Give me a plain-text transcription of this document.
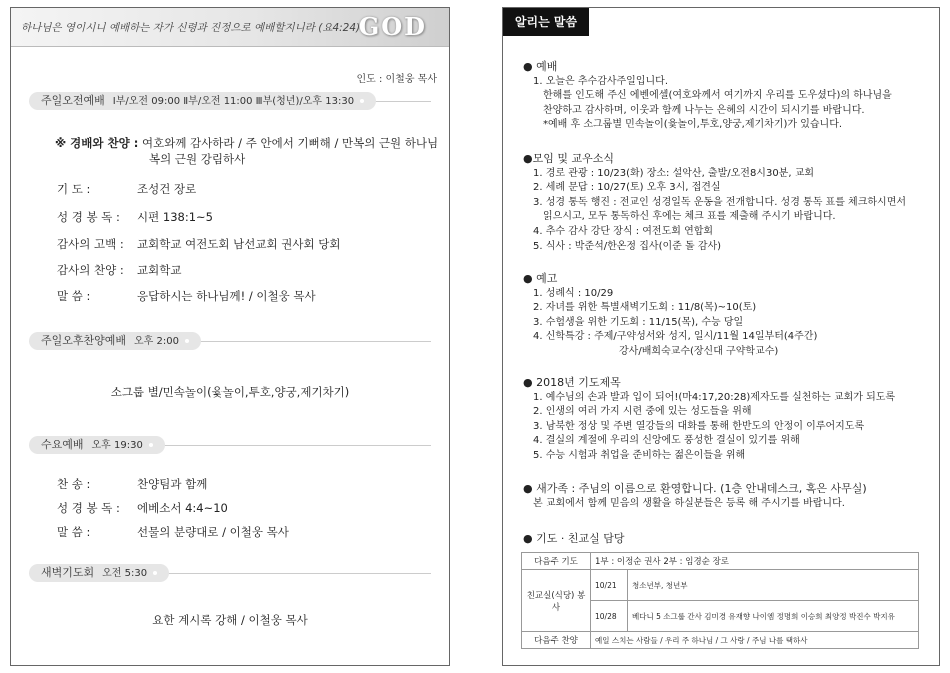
하나님은 영이시니 예배하는 자가 신령과 진정으로 예배할지니라 (요4:24)
GOD
인도 : 이철웅 목사
주일오전예배 Ⅰ부/오전 09:00 Ⅱ부/오전 11:00 Ⅲ부(청년)/오후 13:30
※ 경배와 찬양 : 여호와께 감사하라 / 주 안에서 기뻐해 / 만복의 근원 하나님
복의 근원 강림하사
기 도 :	조성건 장로
성 경 봉 독 : 시편 138:1~5
감사의 고백 : 교회학교 여전도회 남선교회 권사회 당회
감사의 찬양 : 교회학교
말 씀 :	응답하시는 하나님께! / 이철웅 목사
주일오후찬양예배 오후 2:00
소그룹 별/민속놀이(윷놀이,투호,양궁,제기차기)
수요예배 오후 19:30
찬 송 :	찬양팀과 함께
성 경 봉 독 : 에베소서 4:4~10
말 씀 :	선물의 분량대로 / 이철웅 목사
새벽기도회 오전 5:30
요한 계시록 강해 / 이철웅 목사
알리는 말씀
● 예배
1. 오늘은 추수감사주일입니다.
한해를 인도해 주신 에벤에셀(여호와께서 여기까지 우리를 도우셨다)의 하나님을
찬양하고 감사하며, 이웃과 함께 나누는 은혜의 시간이 되시기를 바랍니다.
*예배 후 소그룹별 민속놀이(윷놀이,투호,양궁,제기차기)가 있습니다.
●모임 및 교우소식
1. 경로 관광 : 10/23(화) 장소: 설악산, 출발/오전8시30분, 교회
2. 세례 문답 : 10/27(토) 오후 3시, 접견실
3. 성경 통독 행진 : 전교인 성경일독 운동을 전개합니다. 성경 통독 표를 체크하시면서
읽으시고, 모두 통독하신 후에는 체크 표를 제출해 주시기 바랍니다.
4. 추수 감사 강단 장식 : 여전도회 연합회
5. 식사 : 박준석/한온정 집사(이준 돌 감사)
● 예고
1. 성례식 : 10/29
2. 자녀를 위한 특별새벽기도회 : 11/8(목)~10(토)
3. 수험생을 위한 기도회 : 11/15(목), 수능 당일
4. 신학특강 : 주제/구약성서와 성지, 일시/11월 14일부터(4주간)
강사/배희숙교수(장신대 구약학교수)
● 2018년 기도제목
1. 예수님의 손과 발과 입이 되어!(마4:17,20:28)제자도를 실천하는 교회가 되도록
2. 인생의 여러 가지 시련 중에 있는 성도들을 위해
3. 남북한 정상 및 주변 열강들의 대화를 통해 한반도의 안정이 이루어지도록
4. 결실의 계절에 우리의 신앙에도 풍성한 결실이 있기를 위해
5. 수능 시험과 취업을 준비하는 젊은이들을 위해
● 새가족 : 주님의 이름으로 환영합니다. (1층 안내데스크, 혹은 사무실)
본 교회에서 함께 믿음의 생활을 하실분들은 등록 해 주시기를 바랍니다.
● 기도 · 친교실 담당
다음주 기도	1부 : 이정순 권사 2부 : 임경순 장로	
친교실(식당) 봉사	10/21	청소년부, 청년부
	10/28	베다니 5 소그룹 간사 김미경 유재향 나이엠 정명희 이승희 최양정 박진수 박지유
다음주 찬양	예일 스치는 사람들 / 우리 주 하나님 / 그 사랑 / 주님 나를 택하사	
